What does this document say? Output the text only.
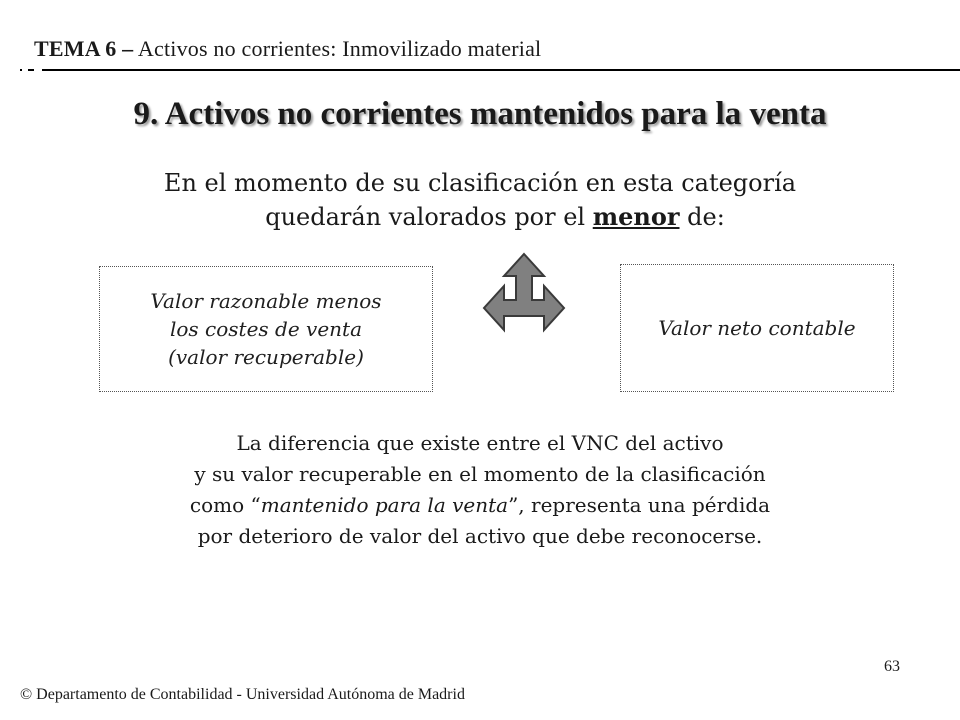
TEMA 6 – Activos no corrientes: Inmovilizado material
9. Activos no corrientes mantenidos para la venta
En el momento de su clasificación en esta categoría
quedarán valorados por el menor de:
Valor razonable menos
los costes de venta
(valor recuperable)
Valor neto contable
La diferencia que existe entre el VNC del activo
y su valor recuperable en el momento de la clasificación
como “mantenido para la venta”, representa una pérdida
por deterioro de valor del activo que debe reconocerse.
63
© Departamento de Contabilidad - Universidad Autónoma de Madrid
